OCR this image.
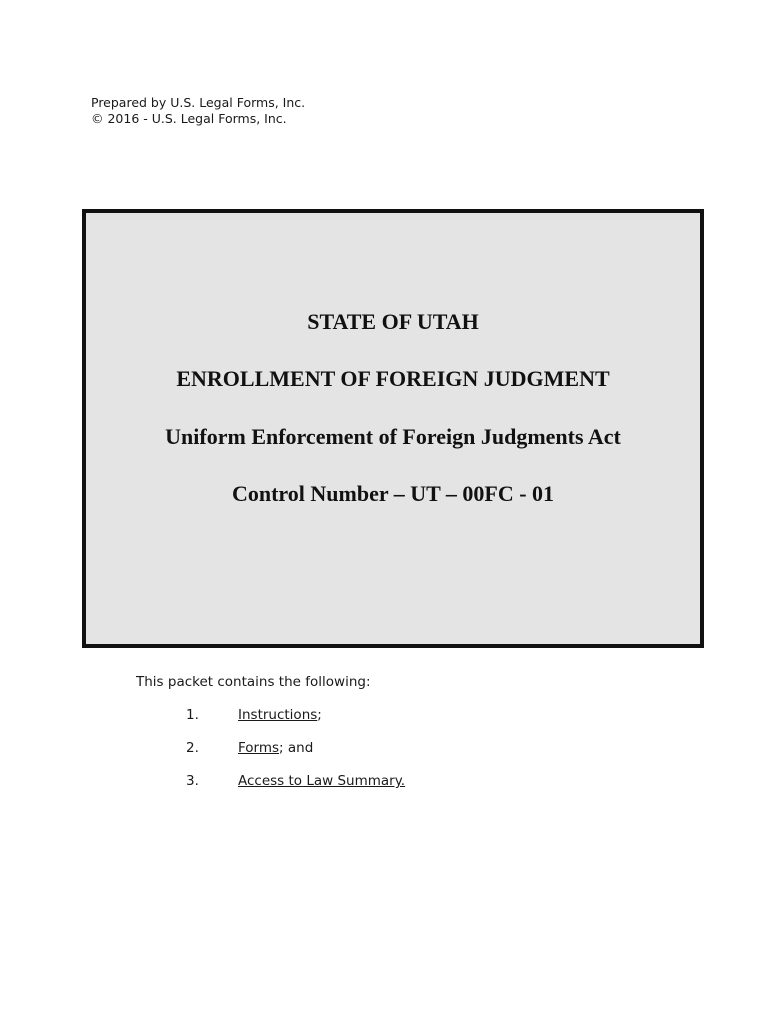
Prepared by U.S. Legal Forms, Inc.
© 2016 - U.S. Legal Forms, Inc.
STATE OF UTAH
ENROLLMENT OF FOREIGN JUDGMENT
Uniform Enforcement of Foreign Judgments Act
Control Number – UT – 00FC - 01
This packet contains the following:
1.	Instructions;
2.	Forms; and
3.	Access to Law Summary.
